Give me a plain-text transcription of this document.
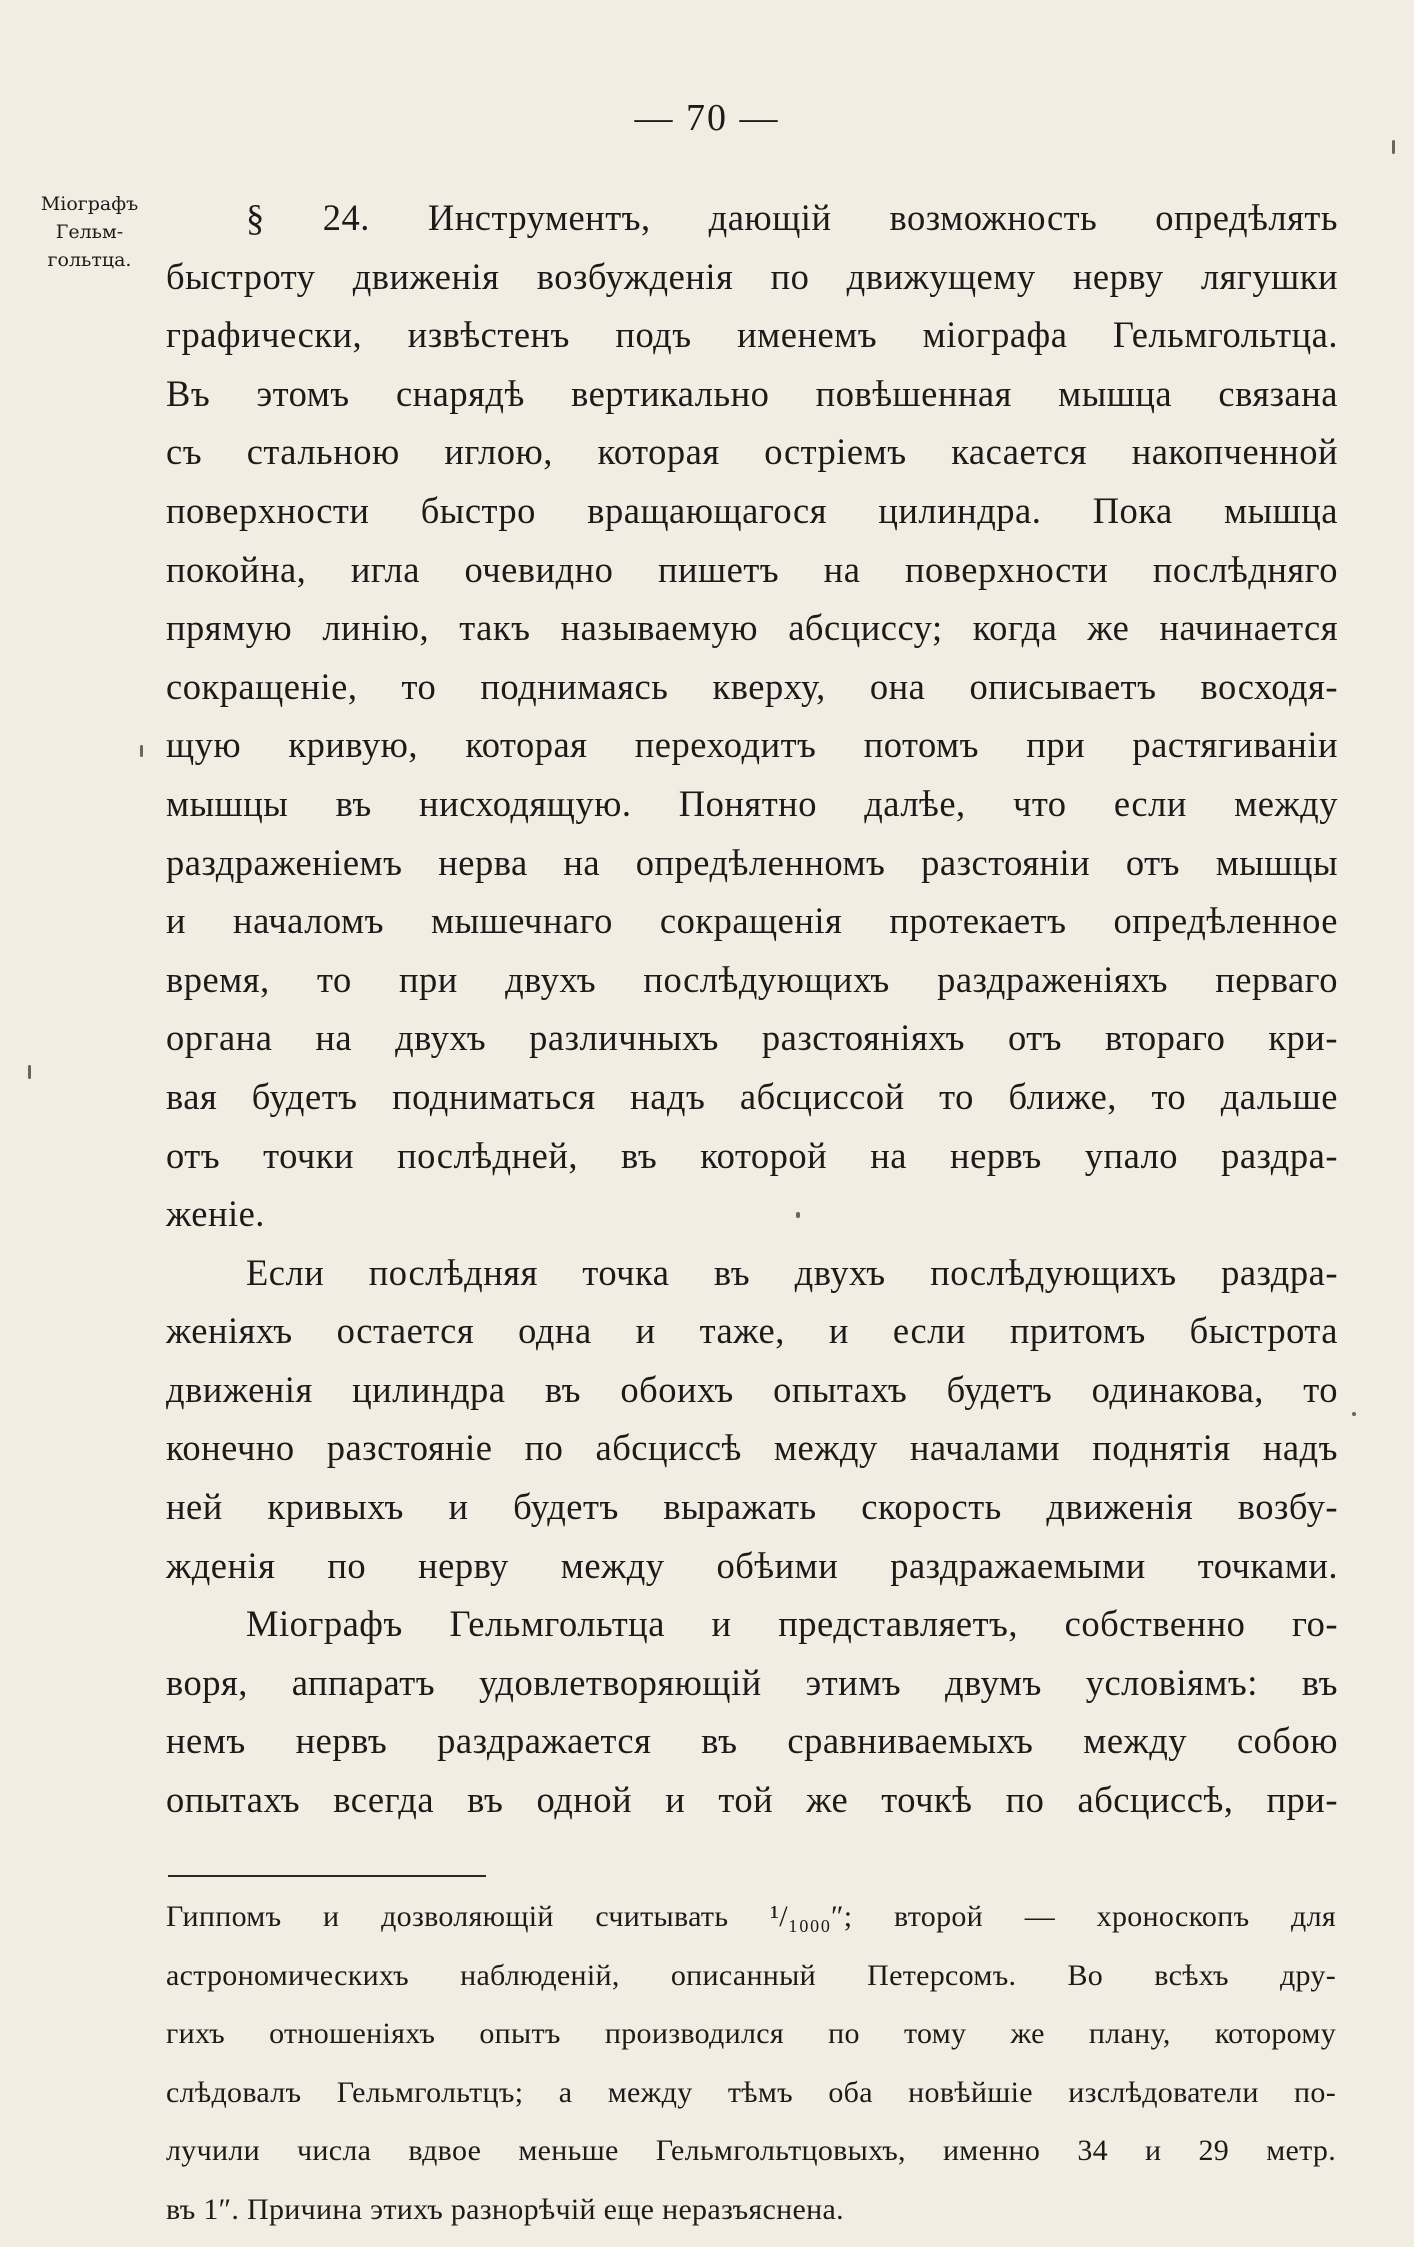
— 70 —
Міографъ
Гельм-
гольтца.
§ 24. Инструментъ, дающій возможность опредѣлять
быстроту движенія возбужденія по движущему нерву лягушки
графически, извѣстенъ подъ именемъ міографа Гельмгольтца.
Въ этомъ снарядѣ вертикально повѣшенная мышца связана
съ стальною иглою, которая остріемъ касается накопченной
поверхности быстро вращающагося цилиндра. Пока мышца
покойна, игла очевидно пишетъ на поверхности послѣдняго
прямую линію, такъ называемую абсциссу; когда же начинается
сокращеніе, то поднимаясь кверху, она описываетъ восходя-
щую кривую, которая переходитъ потомъ при растягиваніи
мышцы въ нисходящую. Понятно далѣе, что если между
раздраженіемъ нерва на опредѣленномъ разстояніи отъ мышцы
и началомъ мышечнаго сокращенія протекаетъ опредѣленное
время, то при двухъ послѣдующихъ раздраженіяхъ перваго
органа на двухъ различныхъ разстояніяхъ отъ втораго кри-
вая будетъ подниматься надъ абсциссой то ближе, то дальше
отъ точки послѣдней, въ которой на нервъ упало раздра-
женіе.
Если послѣдняя точка въ двухъ послѣдующихъ раздра-
женіяхъ остается одна и таже, и если притомъ быстрота
движенія цилиндра въ обоихъ опытахъ будетъ одинакова, то
конечно разстояніе по абсциссѣ между началами поднятія надъ
ней кривыхъ и будетъ выражать скорость движенія возбу-
жденія по нерву между обѣими раздражаемыми точками.
Міографъ Гельмгольтца и представляетъ, собственно го-
воря, аппаратъ удовлетворяющій этимъ двумъ условіямъ: въ
немъ нервъ раздражается въ сравниваемыхъ между собою
опытахъ всегда въ одной и той же точкѣ по абсциссѣ, при-
Гиппомъ и дозволяющій считывать ¹/₁₀₀₀″; второй — хроноскопъ для
астрономическихъ наблюденій, описанный Петерсомъ. Во всѣхъ дру-
гихъ отношеніяхъ опытъ производился по тому же плану, которому
слѣдовалъ Гельмгольтцъ; а между тѣмъ оба новѣйшіе изслѣдователи по-
лучили числа вдвое меньше Гельмгольтцовыхъ, именно 34 и 29 метр.
въ 1″. Причина этихъ разнорѣчій еще неразъяснена.
